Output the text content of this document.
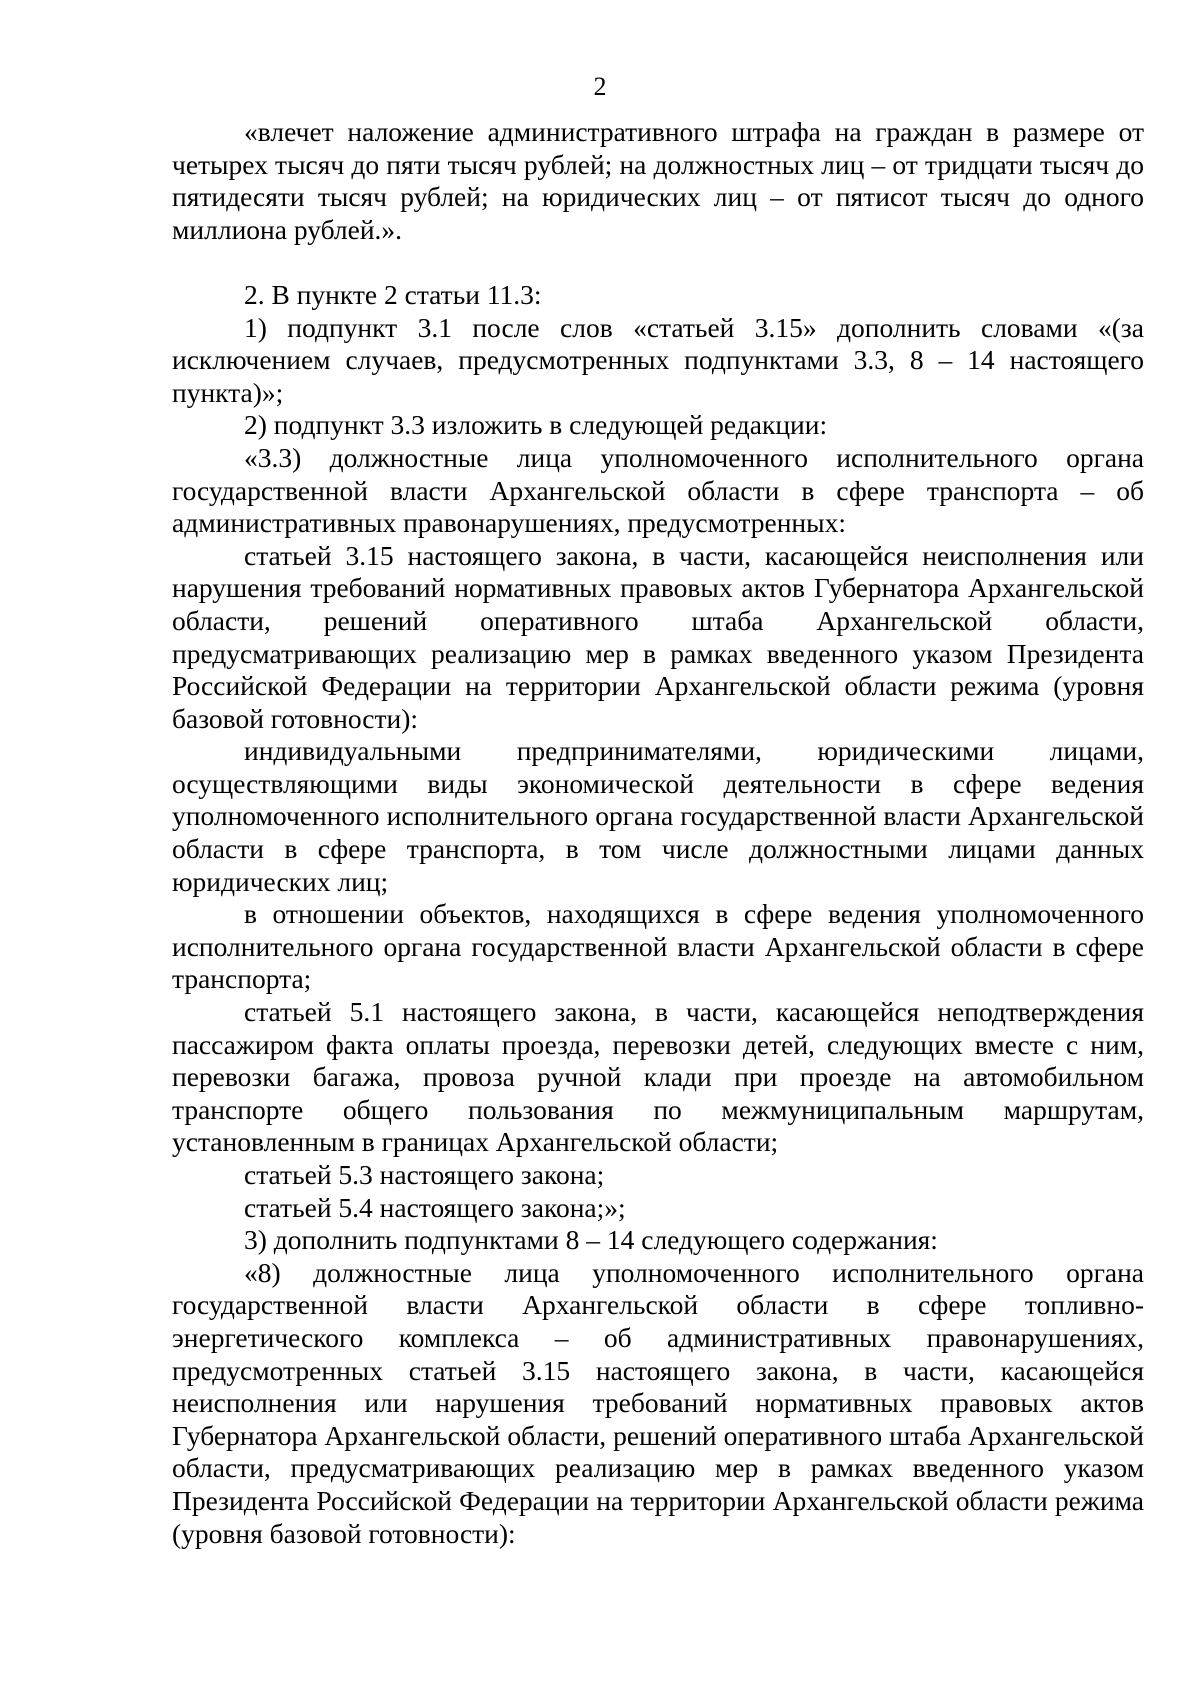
2

«влечет наложение административного штрафа на граждан в размере от четырех тысяч до пяти тысяч рублей; на должностных лиц – от тридцати тысяч до пятидесяти тысяч рублей; на юридических лиц – от пятисот тысяч до одного миллиона рублей.».

2. В пункте 2 статьи 11.3:

1) подпункт 3.1 после слов «статьей 3.15» дополнить словами «(за исключением случаев, предусмотренных подпунктами 3.3, 8 – 14 настоящего пункта)»;

2) подпункт 3.3 изложить в следующей редакции:

«3.3) должностные лица уполномоченного исполнительного органа государственной власти Архангельской области в сфере транспорта – об административных правонарушениях, предусмотренных:

статьей 3.15 настоящего закона, в части, касающейся неисполнения или нарушения требований нормативных правовых актов Губернатора Архангельской области, решений оперативного штаба Архангельской области, предусматривающих реализацию мер в рамках введенного указом Президента Российской Федерации на территории Архангельской области режима (уровня базовой готовности):

индивидуальными предпринимателями, юридическими лицами, осуществляющими виды экономической деятельности в сфере ведения уполномоченного исполнительного органа государственной власти Архангельской области в сфере транспорта, в том числе должностными лицами данных юридических лиц;

в отношении объектов, находящихся в сфере ведения уполномоченного исполнительного органа государственной власти Архангельской области в сфере транспорта;

статьей 5.1 настоящего закона, в части, касающейся неподтверждения пассажиром факта оплаты проезда, перевозки детей, следующих вместе с ним, перевозки багажа, провоза ручной клади при проезде на автомобильном транспорте общего пользования по межмуниципальным маршрутам, установленным в границах Архангельской области;

статьей 5.3 настоящего закона;

статьей 5.4 настоящего закона;»;

3) дополнить подпунктами 8 – 14 следующего содержания:

«8) должностные лица уполномоченного исполнительного органа государственной власти Архангельской области в сфере топливно-энергетического комплекса – об административных правонарушениях, предусмотренных статьей 3.15 настоящего закона, в части, касающейся неисполнения или нарушения требований нормативных правовых актов Губернатора Архангельской области, решений оперативного штаба Архангельской области, предусматривающих реализацию мер в рамках введенного указом Президента Российской Федерации на территории Архангельской области режима (уровня базовой готовности):
